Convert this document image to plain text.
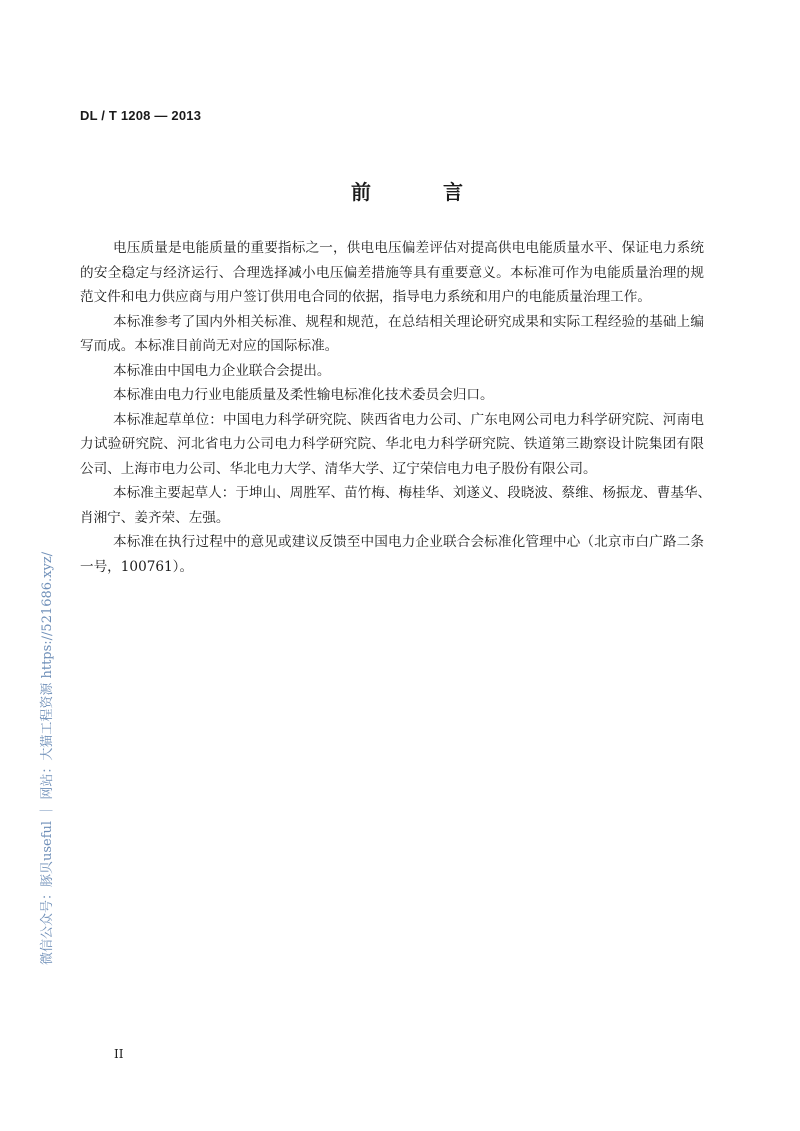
DL / T 1208 — 2013
前　言
电压质量是电能质量的重要指标之一，供电电压偏差评估对提高供电电能质量水平、保证电力系统
的安全稳定与经济运行、合理选择减小电压偏差措施等具有重要意义。本标准可作为电能质量治理的规
范文件和电力供应商与用户签订供用电合同的依据，指导电力系统和用户的电能质量治理工作。
本标准参考了国内外相关标准、规程和规范，在总结相关理论研究成果和实际工程经验的基础上编
写而成。本标准目前尚无对应的国际标准。
本标准由中国电力企业联合会提出。
本标准由电力行业电能质量及柔性输电标准化技术委员会归口。
本标准起草单位：中国电力科学研究院、陕西省电力公司、广东电网公司电力科学研究院、河南电
力试验研究院、河北省电力公司电力科学研究院、华北电力科学研究院、铁道第三勘察设计院集团有限
公司、上海市电力公司、华北电力大学、清华大学、辽宁荣信电力电子股份有限公司。
本标准主要起草人：于坤山、周胜军、苗竹梅、梅桂华、刘遂义、段晓波、蔡维、杨振龙、曹基华、
肖湘宁、姜齐荣、左强。
本标准在执行过程中的意见或建议反馈至中国电力企业联合会标准化管理中心（北京市白广路二条
一号，100761）。
II
微信公众号：豚贝useful ｜ 网站：大猫工程资源 https://521686.xyz/
